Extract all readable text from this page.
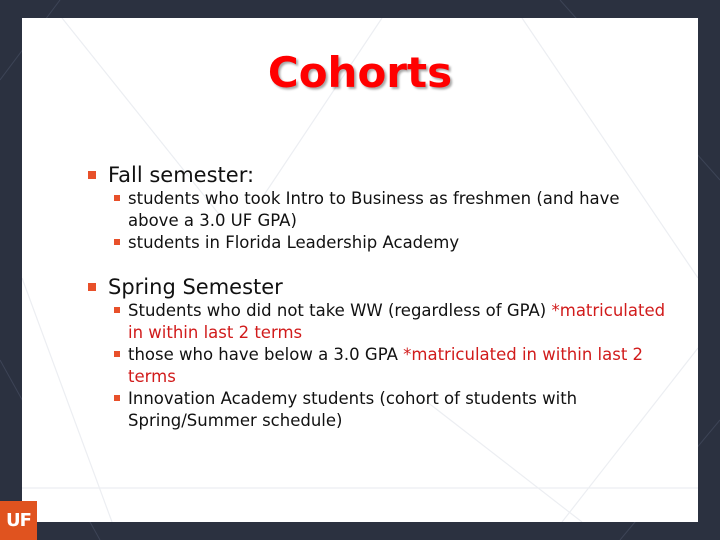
Cohorts
Fall semester:
students who took Intro to Business as freshmen (and have above a 3.0 UF GPA)
students in Florida Leadership Academy
Spring Semester
Students who did not take WW (regardless of GPA) *matriculated in within last 2 terms
those who have below a 3.0 GPA *matriculated in within last 2 terms
Innovation Academy students (cohort of students with Spring/Summer schedule)
UF
